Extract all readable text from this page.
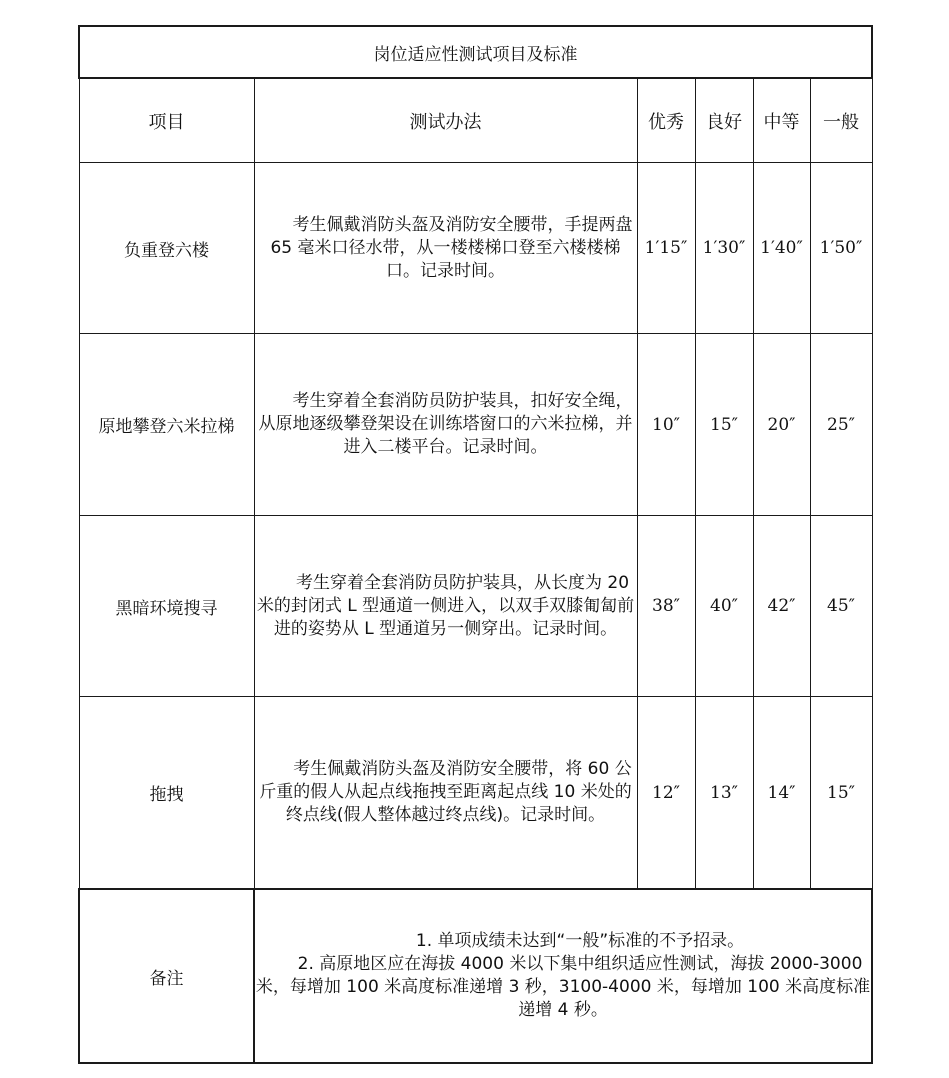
岗位适应性测试项目及标准					
项目	测试办法	优秀	良好	中等	一般
负重登六楼	考生佩戴消防头盔及消防安全腰带，手提两盘 65 毫米口径水带，从一楼楼梯口登至六楼楼梯口。记录时间。	1′15″	1′30″	1′40″	1′50″
原地攀登六米拉梯	考生穿着全套消防员防护装具，扣好安全绳，从原地逐级攀登架设在训练塔窗口的六米拉梯，并进入二楼平台。记录时间。	10″	15″	20″	25″
黑暗环境搜寻	考生穿着全套消防员防护装具，从长度为 20 米的封闭式 L 型通道一侧进入，以双手双膝匍匐前进的姿势从 L 型通道另一侧穿出。记录时间。	38″	40″	42″	45″
拖拽	考生佩戴消防头盔及消防安全腰带，将 60 公斤重的假人从起点线拖拽至距离起点线 10 米处的终点线(假人整体越过终点线)。记录时间。	12″	13″	14″	15″
备注	1. 单项成绩未达到“一般”标准的不予招录。

2. 高原地区应在海拔 4000 米以下集中组织适应性测试，海拔 2000-3000 米，每增加 100 米高度标准递增 3 秒，3100-4000 米，每增加 100 米高度标准递增 4 秒。				
